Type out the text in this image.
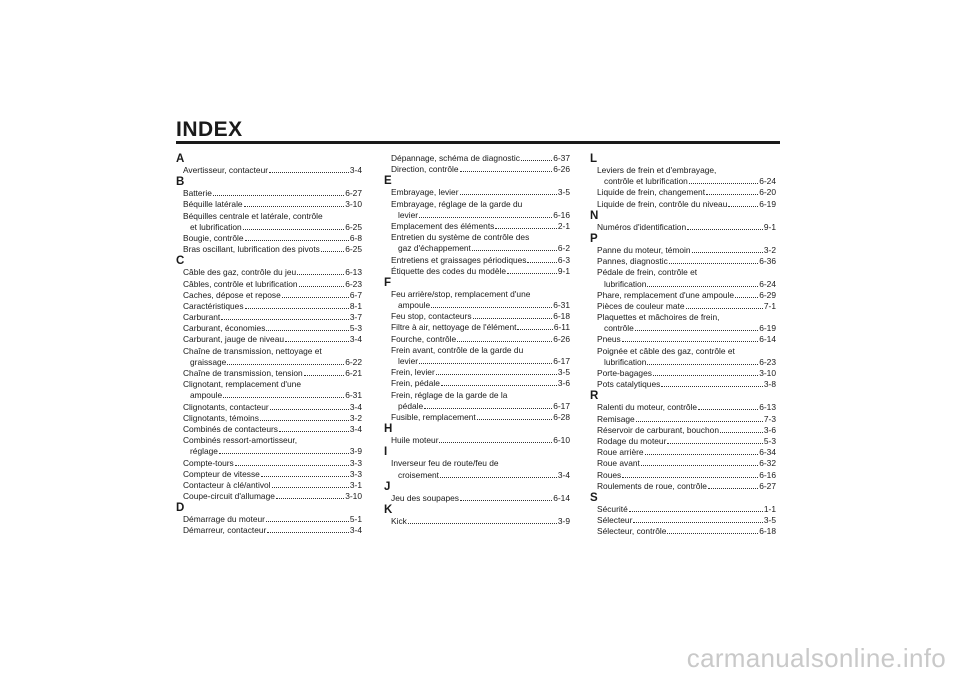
INDEX
A
Avertisseur, contacteur	3-4
B
Batterie	6-27
Béquille latérale	3-10
Béquilles centrale et latérale, contrôle
et lubrification	6-25
Bougie, contrôle	6-8
Bras oscillant, lubrification des pivots	6-25
C
Câble des gaz, contrôle du jeu	6-13
Câbles, contrôle et lubrification	6-23
Caches, dépose et repose	6-7
Caractéristiques	8-1
Carburant	3-7
Carburant, économies	5-3
Carburant, jauge de niveau	3-4
Chaîne de transmission, nettoyage et
graissage	6-22
Chaîne de transmission, tension	6-21
Clignotant, remplacement d'une
ampoule	6-31
Clignotants, contacteur	3-4
Clignotants, témoins	3-2
Combinés de contacteurs	3-4
Combinés ressort-amortisseur,
réglage	3-9
Compte-tours	3-3
Compteur de vitesse	3-3
Contacteur à clé/antivol	3-1
Coupe-circuit d'allumage	3-10
D
Démarrage du moteur	5-1
Démarreur, contacteur	3-4
Dépannage, schéma de diagnostic	6-37
Direction, contrôle	6-26
E
Embrayage, levier	3-5
Embrayage, réglage de la garde du
levier	6-16
Emplacement des éléments	2-1
Entretien du système de contrôle des
gaz d'échappement	6-2
Entretiens et graissages périodiques	6-3
Étiquette des codes du modèle	9-1
F
Feu arrière/stop, remplacement d'une
ampoule	6-31
Feu stop, contacteurs	6-18
Filtre à air, nettoyage de l'élément	6-11
Fourche, contrôle	6-26
Frein avant, contrôle de la garde du
levier	6-17
Frein, levier	3-5
Frein, pédale	3-6
Frein, réglage de la garde de la
pédale	6-17
Fusible, remplacement	6-28
H
Huile moteur	6-10
I
Inverseur feu de route/feu de
croisement	3-4
J
Jeu des soupapes	6-14
K
Kick	3-9
L
Leviers de frein et d'embrayage,
contrôle et lubrification	6-24
Liquide de frein, changement	6-20
Liquide de frein, contrôle du niveau	6-19
N
Numéros d'identification	9-1
P
Panne du moteur, témoin	3-2
Pannes, diagnostic	6-36
Pédale de frein, contrôle et
lubrification	6-24
Phare, remplacement d'une ampoule	6-29
Pièces de couleur mate	7-1
Plaquettes et mâchoires de frein,
contrôle	6-19
Pneus	6-14
Poignée et câble des gaz, contrôle et
lubrification	6-23
Porte-bagages	3-10
Pots catalytiques	3-8
R
Ralenti du moteur, contrôle	6-13
Remisage	7-3
Réservoir de carburant, bouchon	3-6
Rodage du moteur	5-3
Roue arrière	6-34
Roue avant	6-32
Roues	6-16
Roulements de roue, contrôle	6-27
S
Sécurité	1-1
Sélecteur	3-5
Sélecteur, contrôle	6-18
carmanualsonline.info
